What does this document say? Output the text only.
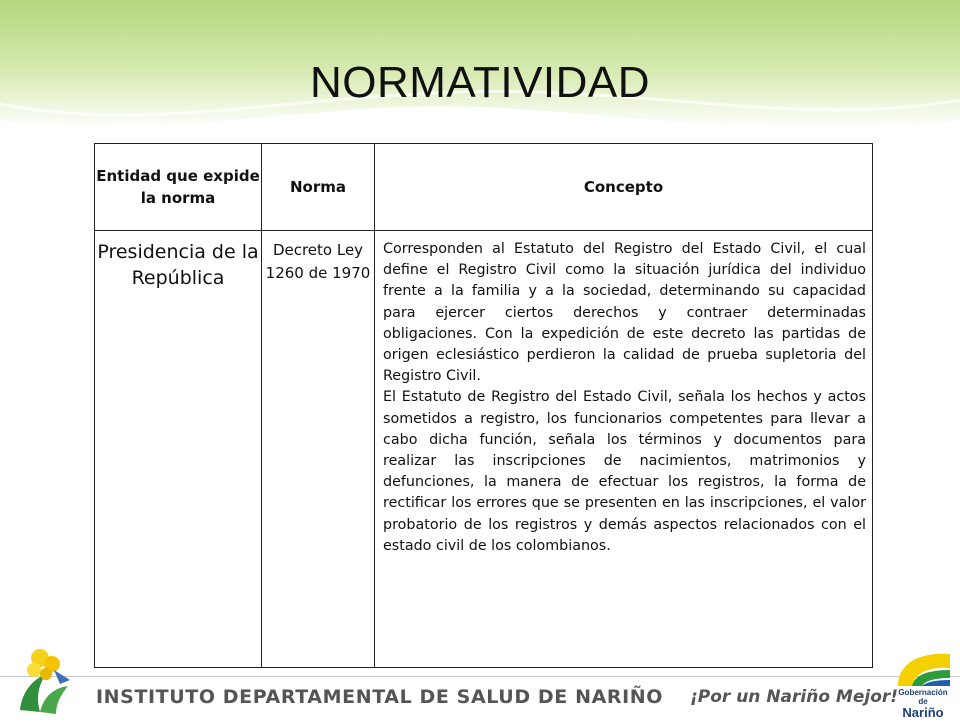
NORMATIVIDAD
Entidad que expide la norma	Norma	Concepto
Presidencia de la República	Decreto Ley 1260 de 1970	Corresponden al Estatuto del Registro del Estado Civil, el cual define el Registro Civil como la situación jurídica del individuo frente a la familia y a la sociedad, determinando su capacidad para ejercer ciertos derechos y contraer determinadas obligaciones. Con la expedición de este decreto las partidas de origen eclesiástico perdieron la calidad de prueba supletoria del Registro Civil.

El Estatuto de Registro del Estado Civil, señala los hechos y actos sometidos a registro, los funcionarios competentes para llevar a cabo dicha función, señala los términos y documentos para realizar las inscripciones de nacimientos, matrimonios y defunciones, la manera de efectuar los registros, la forma de rectificar los errores que se presenten en las inscripciones, el valor probatorio de los registros y demás aspectos relacionados con el estado civil de los colombianos.

INSTITUTO DEPARTAMENTAL DE SALUD DE NARIÑO ¡Por un Nariño Mejor! Gobernación de
Nariño
